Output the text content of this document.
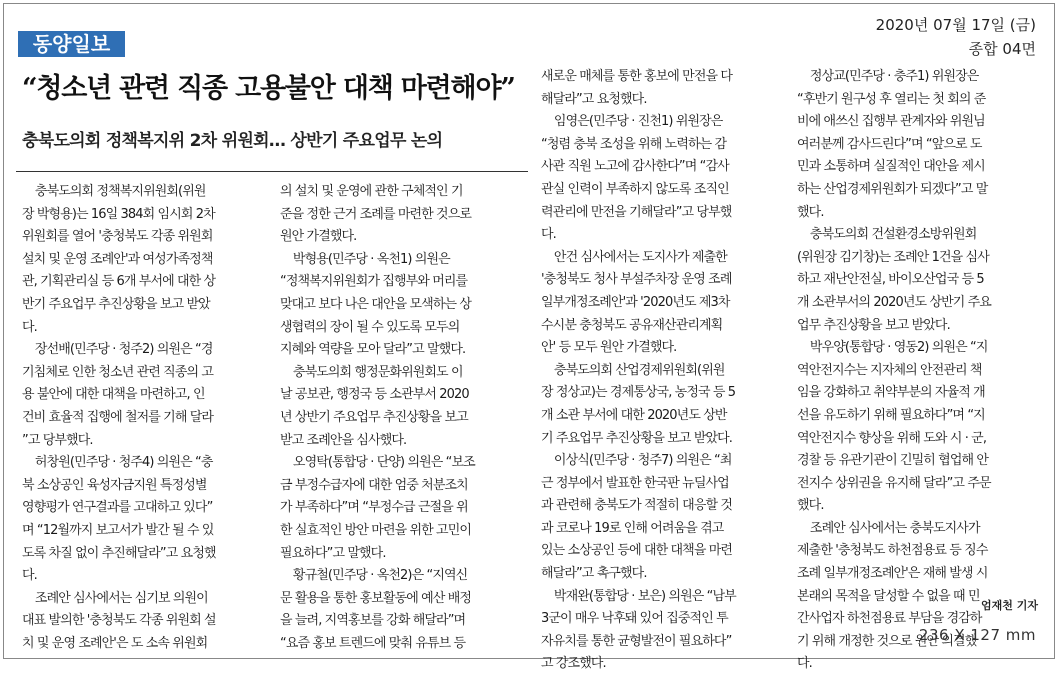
동양일보
2020년 07월 17일 (금)
종합 04면
“청소년 관련 직종 고용불안 대책 마련해야”
충북도의회 정책복지위 2차 위원회… 상반기 주요업무 논의
충북도의회 정책복지위원회(위원
장 박형용)는 16일 384회 임시회 2차
위원회를 열어 '충청북도 각종 위원회
설치 및 운영 조례안'과 여성가족정책
관, 기획관리실 등 6개 부서에 대한 상
반기 주요업무 추진상황을 보고 받았
다.
장선배(민주당 · 청주2) 의원은 “경
기침체로 인한 청소년 관련 직종의 고
용 불안에 대한 대책을 마련하고, 인
건비 효율적 집행에 철저를 기해 달라
”고 당부했다.
허창원(민주당 · 청주4) 의원은 “충
북 소상공인 육성자금지원 특정성별
영향평가 연구결과를 고대하고 있다”
며 “12월까지 보고서가 발간 될 수 있
도록 차질 없이 추진해달라”고 요청했
다.
조례안 심사에서는 심기보 의원이
대표 발의한 '충청북도 각종 위원회 설
치 및 운영 조례안'은 도 소속 위원회
의 설치 및 운영에 관한 구체적인 기
준을 정한 근거 조례를 마련한 것으로
원안 가결했다.
박형용(민주당 · 옥천1) 의원은
“정책복지위원회가 집행부와 머리를
맞대고 보다 나은 대안을 모색하는 상
생협력의 장이 될 수 있도록 모두의
지혜와 역량을 모아 달라”고 말했다.
충북도의회 행정문화위원회도 이
날 공보관, 행정국 등 소관부서 2020
년 상반기 주요업무 추진상황을 보고
받고 조례안을 심사했다.
오영탁(통합당 · 단양) 의원은 “보조
금 부정수급자에 대한 엄중 처분조치
가 부족하다”며 “부정수급 근절을 위
한 실효적인 방안 마련을 위한 고민이
필요하다”고 말했다.
황규철(민주당 · 옥천2)은 “지역신
문 활용을 통한 홍보활동에 예산 배정
을 늘려, 지역홍보를 강화 해달라”며
“요즘 홍보 트렌드에 맞춰 유튜브 등
새로운 매체를 통한 홍보에 만전을 다
해달라”고 요청했다.
임영은(민주당 · 진천1) 위원장은
“청렴 충북 조성을 위해 노력하는 감
사관 직원 노고에 감사한다”며 “감사
관실 인력이 부족하지 않도록 조직인
력관리에 만전을 기해달라”고 당부했
다.
안건 심사에서는 도지사가 제출한
'충청북도 청사 부설주차장 운영 조례
일부개정조례안'과 '2020년도 제3차
수시분 충청북도 공유재산관리계획
안' 등 모두 원안 가결했다.
충북도의회 산업경제위원회(위원
장 정상교)는 경제통상국, 농정국 등 5
개 소관 부서에 대한 2020년도 상반
기 주요업무 추진상황을 보고 받았다.
이상식(민주당 · 청주7) 의원은 “최
근 정부에서 발표한 한국판 뉴딜사업
과 관련해 충북도가 적절히 대응할 것
과 코로나 19로 인해 어려움을 겪고
있는 소상공인 등에 대한 대책을 마련
해달라”고 촉구했다.
박재완(통합당 · 보은) 의원은 “남부
3군이 매우 낙후돼 있어 집중적인 투
자유치를 통한 균형발전이 필요하다”
고 강조했다.
정상교(민주당 · 충주1) 위원장은
“후반기 원구성 후 열리는 첫 회의 준
비에 애쓰신 집행부 관계자와 위원님
여러분께 감사드린다”며 “앞으로 도
민과 소통하며 실질적인 대안을 제시
하는 산업경제위원회가 되겠다”고 말
했다.
충북도의회 건설환경소방위원회
(위원장 김기창)는 조례안 1건을 심사
하고 재난안전실, 바이오산업국 등 5
개 소관부서의 2020년도 상반기 주요
업무 추진상황을 보고 받았다.
박우양(통합당 · 영동2) 의원은 “지
역안전지수는 지자체의 안전관리 책
임을 강화하고 취약부분의 자율적 개
선을 유도하기 위해 필요하다”며 “지
역안전지수 향상을 위해 도와 시 · 군,
경찰 등 유관기관이 긴밀히 협업해 안
전지수 상위권을 유지해 달라”고 주문
했다.
조례안 심사에서는 충북도지사가
제출한 '충청북도 하천점용료 등 징수
조례 일부개정조례안'은 재해 발생 시
본래의 목적을 달성할 수 없을 때 민
간사업자 하천점용료 부담을 경감하
기 위해 개정한 것으로 원안 의결했
다.
엄재천 기자
236 X 127 mm
